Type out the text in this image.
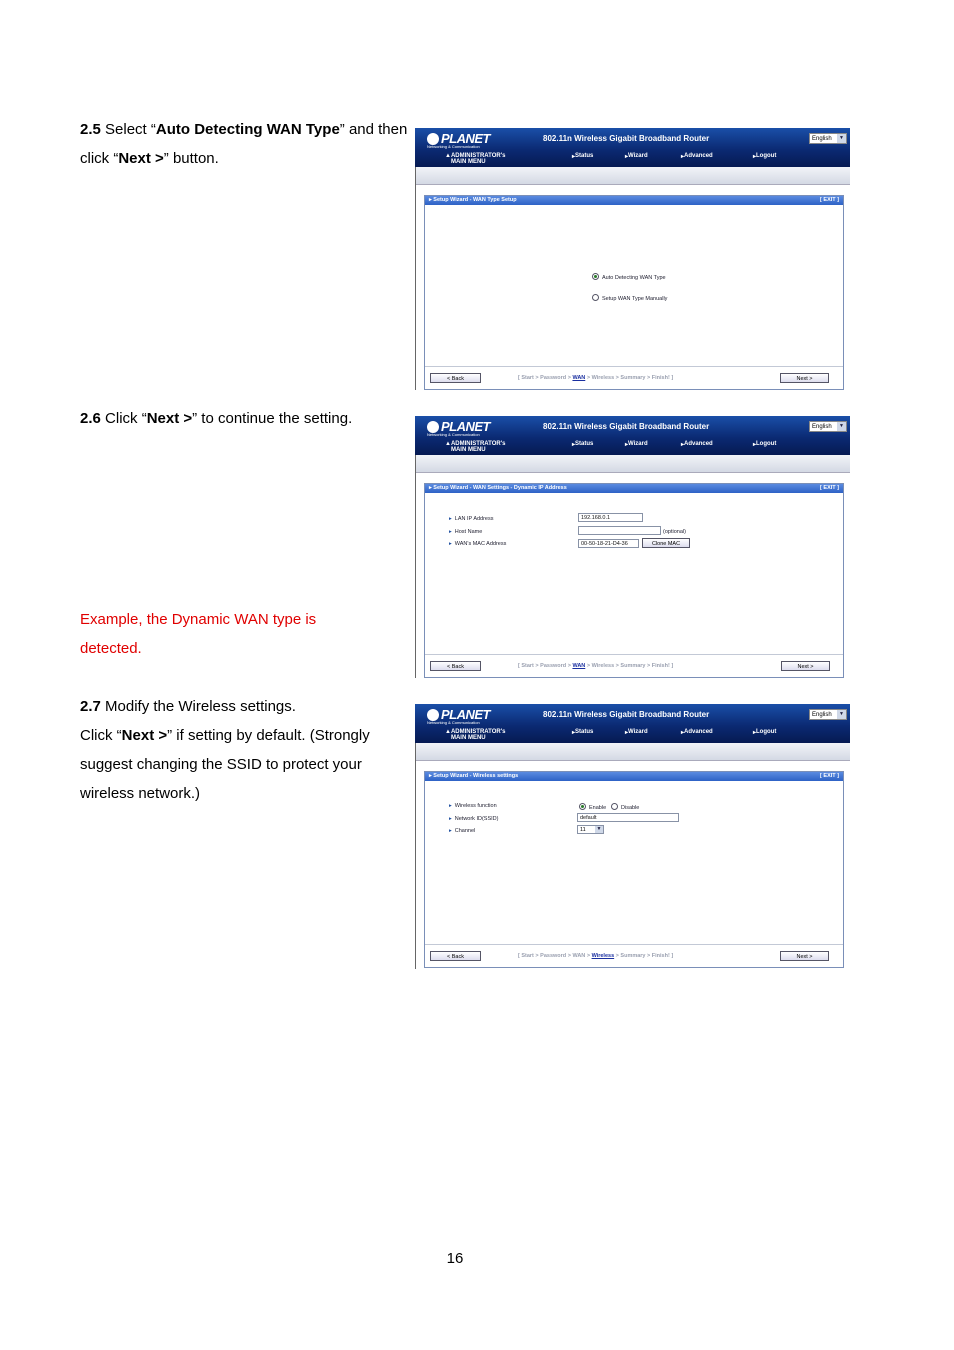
2.5 Select “Auto Detecting WAN Type” and then click “Next >” button.
2.6 Click “Next >” to continue the setting.
Example, the Dynamic WAN type is detected.
2.7 Modify the Wireless settings.
Click “Next >” if setting by default. (Strongly suggest changing the SSID to protect your wireless network.)
PLANET
Networking & Communication
802.11n Wireless Gigabit Broadband Router	English	▼
▲ ADMINISTRATOR's MAIN MENU
▸ Status	▸ Wizard	▸ Advanced	▸ Logout
▸ Setup Wizard - WAN Type Setup	[ EXIT ]
Auto Detecting WAN Type
Setup WAN Type Manually
< Back	[ Start > Password > WAN > Wireless > Summary > Finish! ]	Next >
PLANET
Networking & Communication
802.11n Wireless Gigabit Broadband Router	English	▼
▲ ADMINISTRATOR's MAIN MENU
▸ Status	▸ Wizard	▸ Advanced	▸ Logout
▸ Setup Wizard - WAN Settings - Dynamic IP Address	[ EXIT ]
▸ LAN IP Address	192.168.0.1
▸ Host Name	(optional)
▸ WAN's MAC Address	00-50-18-21-D4-36	Clone MAC
< Back	[ Start > Password > WAN > Wireless > Summary > Finish! ]	Next >
PLANET
Networking & Communication
802.11n Wireless Gigabit Broadband Router	English	▼
▲ ADMINISTRATOR's MAIN MENU
▸ Status	▸ Wizard	▸ Advanced	▸ Logout
▸ Setup Wizard - Wireless settings	[ EXIT ]
▸ Wireless function	Enable	Disable
▸ Network ID(SSID)	default
▸ Channel	11	▼
< Back	[ Start > Password > WAN > Wireless > Summary > Finish! ]	Next >
16
